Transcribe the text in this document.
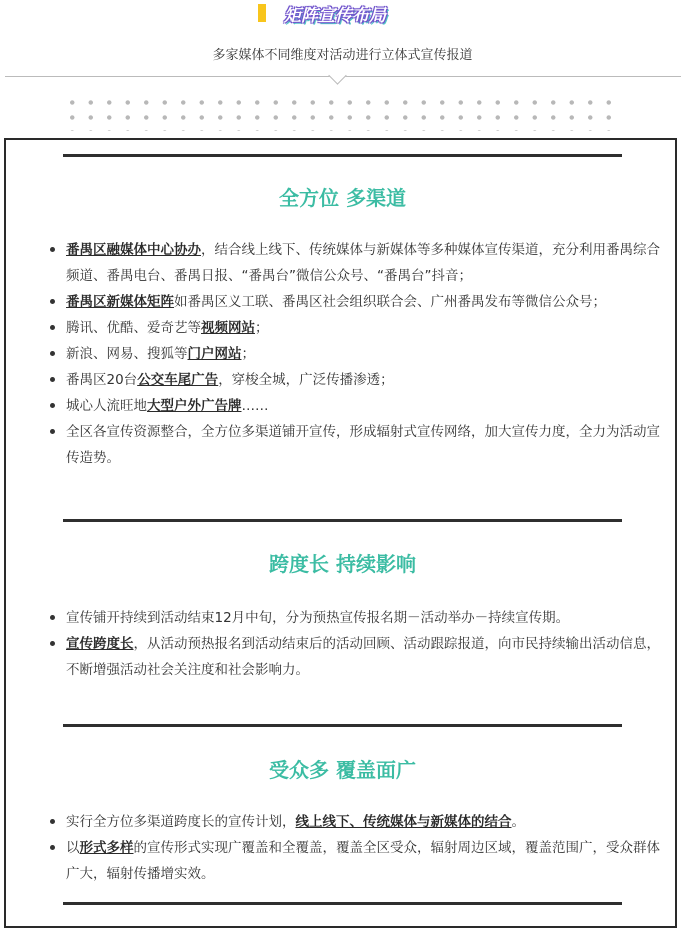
矩阵宣传布局
多家媒体不同维度对活动进行立体式宣传报道
全方位 多渠道
番禺区融媒体中心协办，结合线上线下、传统媒体与新媒体等多种媒体宣传渠道，充分利用番禺综合频道、番禺电台、番禺日报、“番禺台”微信公众号、“番禺台”抖音；
番禺区新媒体矩阵如番禺区义工联、番禺区社会组织联合会、广州番禺发布等微信公众号；
腾讯、优酷、爱奇艺等视频网站；
新浪、网易、搜狐等门户网站；
番禺区20台公交车尾广告，穿梭全城，广泛传播渗透；
城心人流旺地大型户外广告牌……
全区各宣传资源整合，全方位多渠道铺开宣传，形成辐射式宣传网络，加大宣传力度，全力为活动宣传造势。
跨度长 持续影响
宣传铺开持续到活动结束12月中旬，分为预热宣传报名期－活动举办－持续宣传期。
宣传跨度长，从活动预热报名到活动结束后的活动回顾、活动跟踪报道，向市民持续输出活动信息，不断增强活动社会关注度和社会影响力。
受众多 覆盖面广
实行全方位多渠道跨度长的宣传计划，线上线下、传统媒体与新媒体的结合。
以形式多样的宣传形式实现广覆盖和全覆盖，覆盖全区受众，辐射周边区域，覆盖范围广，受众群体广大，辐射传播增实效。
